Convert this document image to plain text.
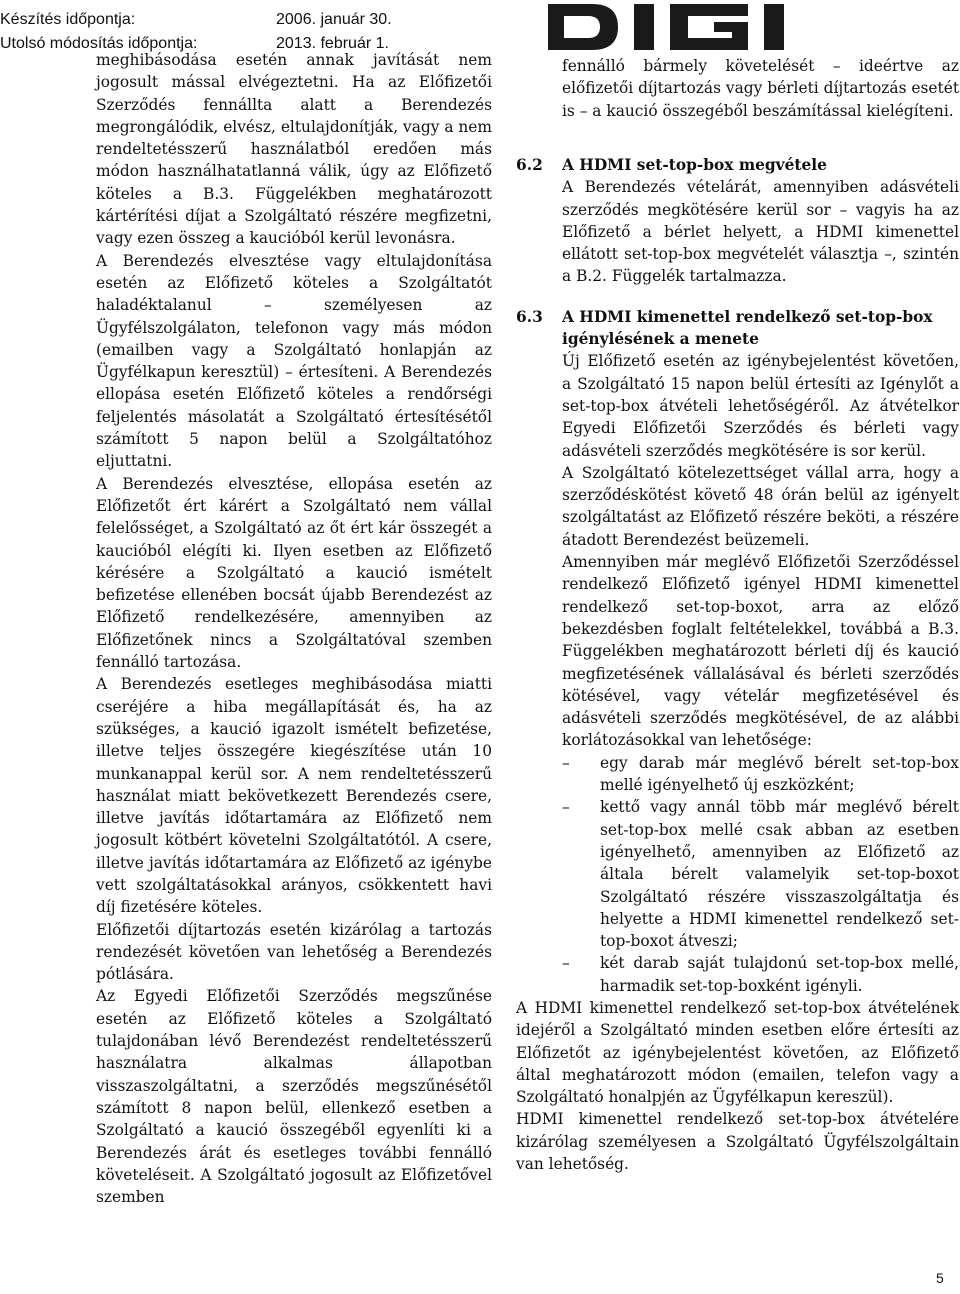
Készítés időpontja:	2006. január 30.
Utolsó módosítás időpontja:	2013. február 1.

meghibásodása esetén annak javítását nem jogosult mással elvégeztetni. Ha az Előfizetői Szerződés fennállta alatt a Berendezés megrongálódik, elvész, eltulajdonítják, vagy a nem rendeltetésszerű használatból eredően más módon használhatatlanná válik, úgy az Előfizető köteles a B.3. Függelékben meghatározott kártérítési díjat a Szolgáltató részére megfizetni, vagy ezen összeg a kaucióból kerül levonásra.

A Berendezés elvesztése vagy eltulajdonítása esetén az Előfizető köteles a Szolgáltatót haladéktalanul – személyesen az Ügyfélszolgálaton, telefonon vagy más módon (emailben vagy a Szolgáltató honlapján az Ügyfélkapun keresztül) – értesíteni. A Berendezés ellopása esetén Előfizető köteles a rendőrségi feljelentés másolatát a Szolgáltató értesítésétől számított 5 napon belül a Szolgáltatóhoz eljuttatni.

A Berendezés elvesztése, ellopása esetén az Előfizetőt ért kárért a Szolgáltató nem vállal felelősséget, a Szolgáltató az őt ért kár összegét a kaucióból elégíti ki. Ilyen esetben az Előfizető kérésére a Szolgáltató a kaució ismételt befizetése ellenében bocsát újabb Berendezést az Előfizető rendelkezésére, amennyiben az Előfizetőnek nincs a Szolgáltatóval szemben fennálló tartozása.

A Berendezés esetleges meghibásodása miatti cseréjére a hiba megállapítását és, ha az szükséges, a kaució igazolt ismételt befizetése, illetve teljes összegére kiegészítése után 10 munkanappal kerül sor. A nem rendeltetésszerű használat miatt bekövetkezett Berendezés csere, illetve javítás időtartamára az Előfizető nem jogosult kötbért követelni Szolgáltatótól. A csere, illetve javítás időtartamára az Előfizető az igénybe vett szolgáltatásokkal arányos, csökkentett havi díj fizetésére köteles.

Előfizetői díjtartozás esetén kizárólag a tartozás rendezését követően van lehetőség a Berendezés pótlására.

Az Egyedi Előfizetői Szerződés megszűnése esetén az Előfizető köteles a Szolgáltató tulajdonában lévő Berendezést rendeltetésszerű használatra alkalmas állapotban visszaszolgáltatni, a szerződés megszűnésétől számított 8 napon belül, ellenkező esetben a Szolgáltató a kaució összegéből egyenlíti ki a Berendezés árát és esetleges további fennálló követeléseit. A Szolgáltató jogosult az Előfizetővel szemben

fennálló bármely követelését – ideértve az előfizetői díjtartozás vagy bérleti díjtartozás esetét is – a kaució összegéből beszámítással kielégíteni.

6.2	A HDMI set-top-box megvétele

A Berendezés vételárát, amennyiben adásvételi szerződés megkötésére kerül sor – vagyis ha az Előfizető a bérlet helyett, a HDMI kimenettel ellátott set-top-box megvételét választja –, szintén a B.2. Függelék tartalmazza.

6.3	A HDMI kimenettel rendelkező set-top-box igénylésének a menete

Új Előfizető esetén az igénybejelentést követően, a Szolgáltató 15 napon belül értesíti az Igénylőt a set-top-box átvételi lehetőségéről. Az átvételkor Egyedi Előfizetői Szerződés és bérleti vagy adásvételi szerződés megkötésére is sor kerül.

A Szolgáltató kötelezettséget vállal arra, hogy a szerződéskötést követő 48 órán belül az igényelt szolgáltatást az Előfizető részére beköti, a részére átadott Berendezést beüzemeli.

Amennyiben már meglévő Előfizetői Szerződéssel rendelkező Előfizető igényel HDMI kimenettel rendelkező set-top-boxot, arra az előző bekezdésben foglalt feltételekkel, továbbá a B.3. Függelékben meghatározott bérleti díj és kaució megfizetésének vállalásával és bérleti szerződés kötésével, vagy vételár megfizetésével és adásvételi szerződés megkötésével, de az alábbi korlátozásokkal van lehetősége:

–	egy darab már meglévő bérelt set-top-box mellé igényelhető új eszközként;
–	kettő vagy annál több már meglévő bérelt set-top-box mellé csak abban az esetben igényelhető, amennyiben az Előfizető az általa bérelt valamelyik set-top-boxot Szolgáltató részére visszaszolgáltatja és helyette a HDMI kimenettel rendelkező set-top-boxot átveszi;
–	két darab saját tulajdonú set-top-box mellé, harmadik set-top-boxként igényli.

A HDMI kimenettel rendelkező set-top-box átvételének idejéről a Szolgáltató minden esetben előre értesíti az Előfizetőt az igénybejelentést követően, az Előfizető által meghatározott módon (emailen, telefon vagy a Szolgáltató honalpjén az Ügyfélkapun kereszül).

HDMI kimenettel rendelkező set-top-box átvételére kizárólag személyesen a Szolgáltató Ügyfélszolgáltain van lehetőség.

5
